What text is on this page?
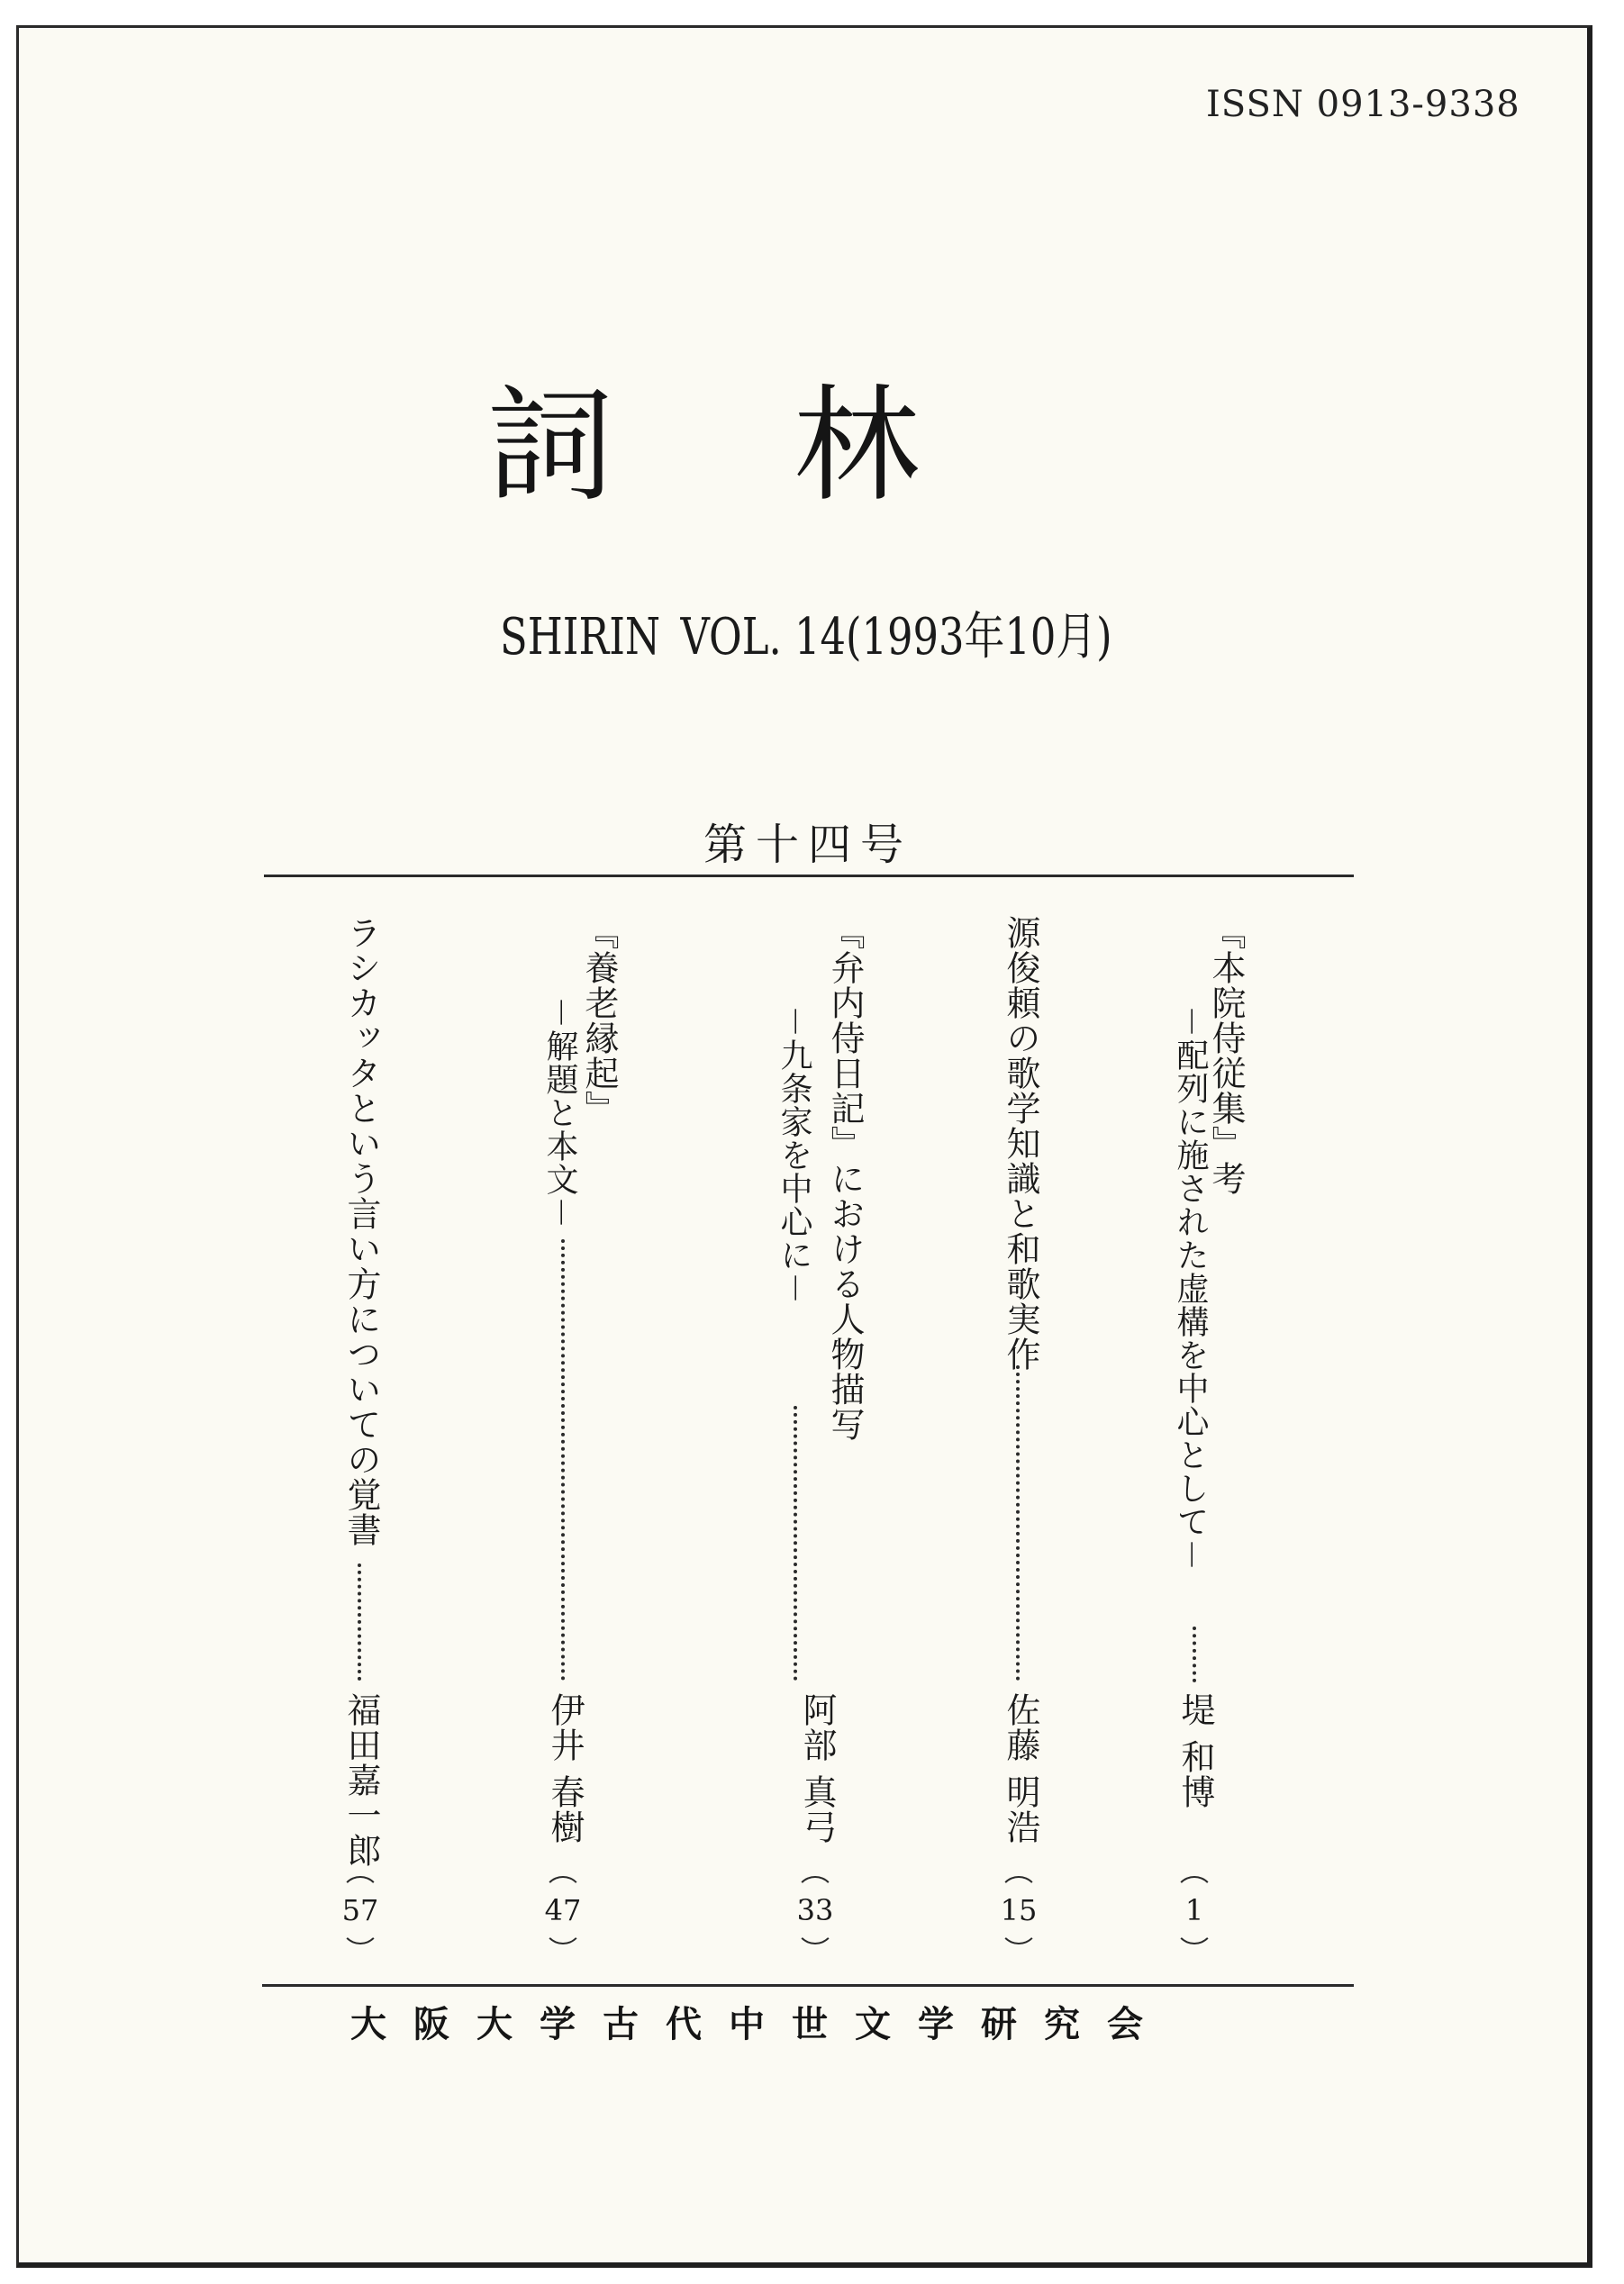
ISSN 0913-9338
詞林
SHIRIN VOL. 14(1993年10月)
第十四号
『本院侍従集』考
－配列に施された虚構を中心として－
堤 和博
1
源俊頼の歌学知識と和歌実作
佐藤 明浩
15
『弁内侍日記』における人物描写
－九条家を中心に－
阿部 真弓
33
『養老縁起』
－解題と本文－
伊井 春樹
47
ラシカッタという言い方についての覚書
福田嘉一郎
57
大阪大学古代中世文学研究会
